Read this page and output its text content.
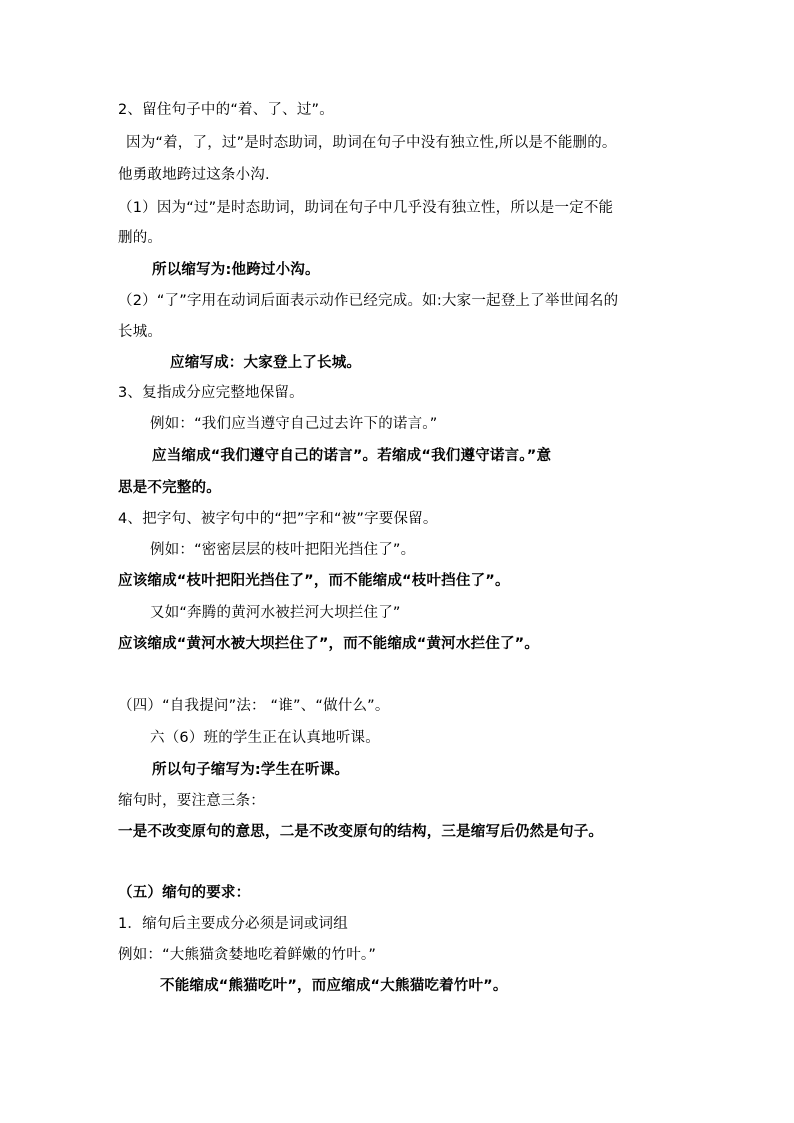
2、留住句子中的“着、了、过”。
因为“着，了，过”是时态助词，助词在句子中没有独立性,所以是不能删的。
他勇敢地跨过这条小沟.
（1）因为“过”是时态助词，助词在句子中几乎没有独立性，所以是一定不能
删的。
所以缩写为:他跨过小沟。
（2）“了”字用在动词后面表示动作已经完成。如:大家一起登上了举世闻名的
长城。
应缩写成：大家登上了长城。
3、复指成分应完整地保留。
例如：“我们应当遵守自己过去许下的诺言。”
应当缩成“我们遵守自己的诺言”。若缩成“我们遵守诺言。”意
思是不完整的。
4、把字句、被字句中的“把”字和“被”字要保留。
例如：“密密层层的枝叶把阳光挡住了”。
应该缩成“枝叶把阳光挡住了”，而不能缩成“枝叶挡住了”。
又如“奔腾的黄河水被拦河大坝拦住了”
应该缩成“黄河水被大坝拦住了”，而不能缩成“黄河水拦住了”。
（四）“自我提问”法： “谁”、“做什么”。
六（6）班的学生正在认真地听课。
所以句子缩写为:学生在听课。
缩句时，要注意三条：
一是不改变原句的意思，二是不改变原句的结构，三是缩写后仍然是句子。
（五）缩句的要求：
1．缩句后主要成分必须是词或词组
例如：“大熊猫贪婪地吃着鲜嫩的竹叶。”
不能缩成“熊猫吃叶”，而应缩成“大熊猫吃着竹叶”。
